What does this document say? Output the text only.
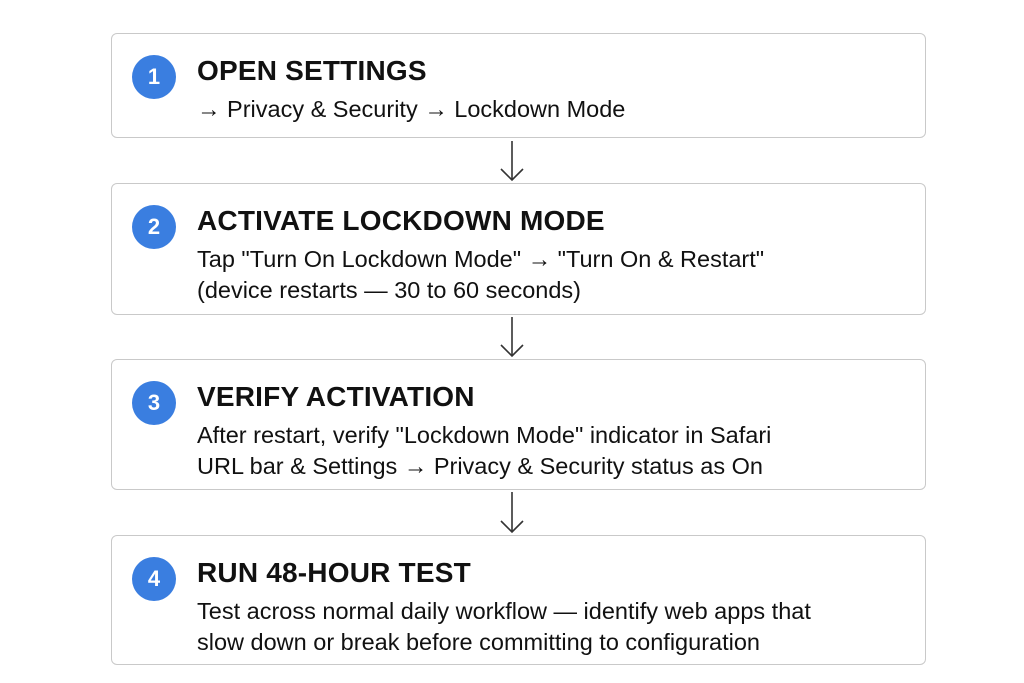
1	OPEN SETTINGS
→ Privacy & Security → Lockdown Mode
2	ACTIVATE LOCKDOWN MODE
Tap "Turn On Lockdown Mode" → "Turn On & Restart"
(device restarts — 30 to 60 seconds)
3	VERIFY ACTIVATION
After restart, verify "Lockdown Mode" indicator in Safari
URL bar & Settings → Privacy & Security status as On
4	RUN 48-HOUR TEST
Test across normal daily workflow — identify web apps that
slow down or break before committing to configuration
